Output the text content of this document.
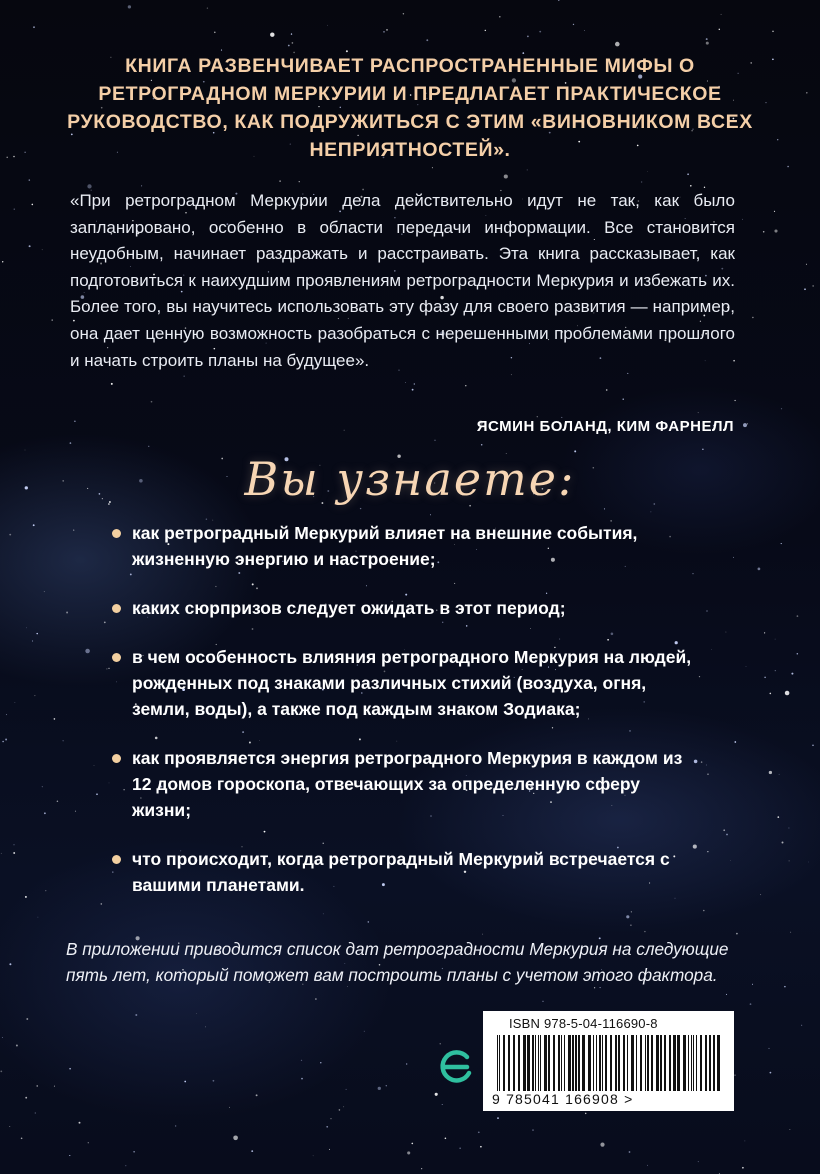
КНИГА РАЗВЕНЧИВАЕТ РАСПРОСТРАНЕННЫЕ МИФЫ О РЕТРОГРАДНОМ МЕРКУРИИ И ПРЕДЛАГАЕТ ПРАКТИЧЕСКОЕ РУКОВОДСТВО, КАК ПОДРУЖИТЬСЯ С ЭТИМ «ВИНОВНИКОМ ВСЕХ НЕПРИЯТНОСТЕЙ».

«При ретроградном Меркурии дела действительно идут не так, как было запланировано, особенно в области передачи информации. Все становится неудобным, начинает раздражать и расстраивать. Эта книга рассказывает, как подготовиться к наихудшим проявлениям ретроградности Меркурия и избежать их. Более того, вы научитесь использовать эту фазу для своего развития — например, она дает ценную возможность разобраться с нерешенными проблемами прошлого и начать строить планы на будущее».

ЯСМИН БОЛАНД, КИМ ФАРНЕЛЛ

Вы узнаете:
как ретроградный Меркурий влияет на внешние события, жизненную энергию и настроение;
каких сюрпризов следует ожидать в этот период;
в чем особенность влияния ретроградного Меркурия на людей, рожденных под знаками различных стихий (воздуха, огня, земли, воды), а также под каждым знаком Зодиака;
как проявляется энергия ретроградного Меркурия в каждом из 12 домов гороскопа, отвечающих за определенную сферу жизни;
что происходит, когда ретроградный Меркурий встречается с вашими планетами.

В приложении приводится список дат ретроградности Меркурия на следующие пять лет, который поможет вам построить планы с учетом этого фактора.

ISBN 978-5-04-116690-8

9 785041 166908 >
